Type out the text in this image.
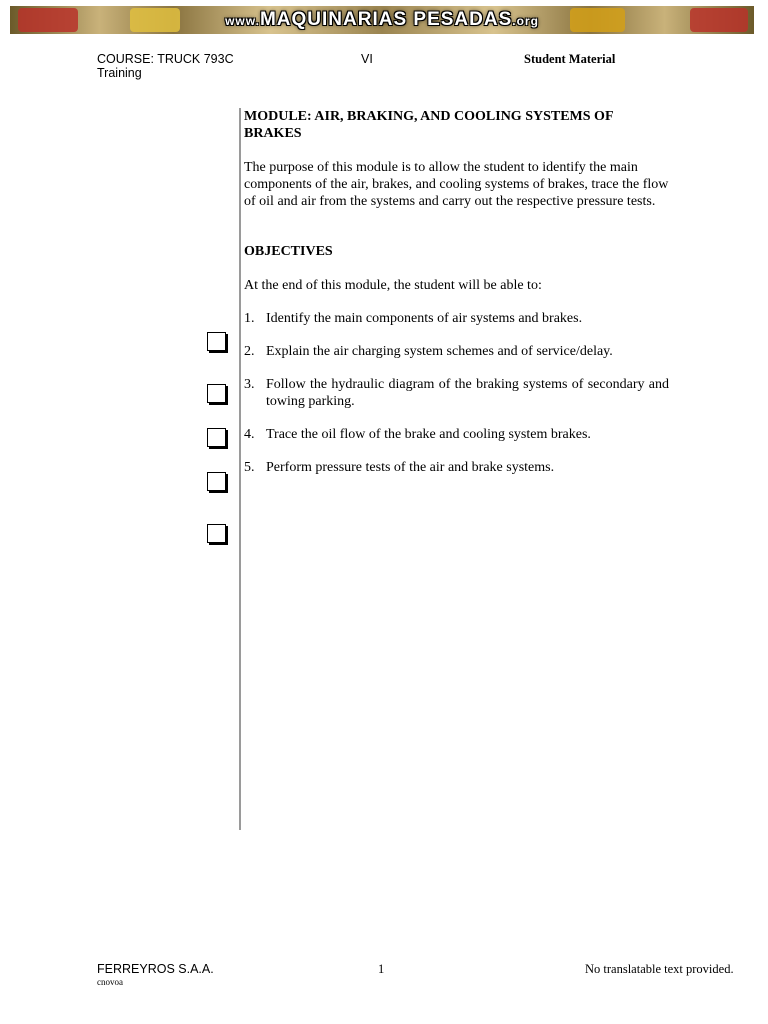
www.MAQUINARIAS PESADAS.org
COURSE: TRUCK 793C
Training
VI	Student Material

MODULE: AIR, BRAKING, AND COOLING SYSTEMS OF BRAKES

The purpose of this module is to allow the student to identify the main components of the air, brakes, and cooling systems of brakes, trace the flow of oil and air from the systems and carry out the respective pressure tests.

OBJECTIVES

At the end of this module, the student will be able to:

1. Identify the main components of air systems and brakes.
2. Explain the air charging system schemes and of service/delay.
3. Follow the hydraulic diagram of the braking systems of secondary and towing parking.
4. Trace the oil flow of the brake and cooling system brakes.
5. Perform pressure tests of the air and brake systems.
FERREYROS S.A.A.
cnovoa
1	No translatable text provided.
